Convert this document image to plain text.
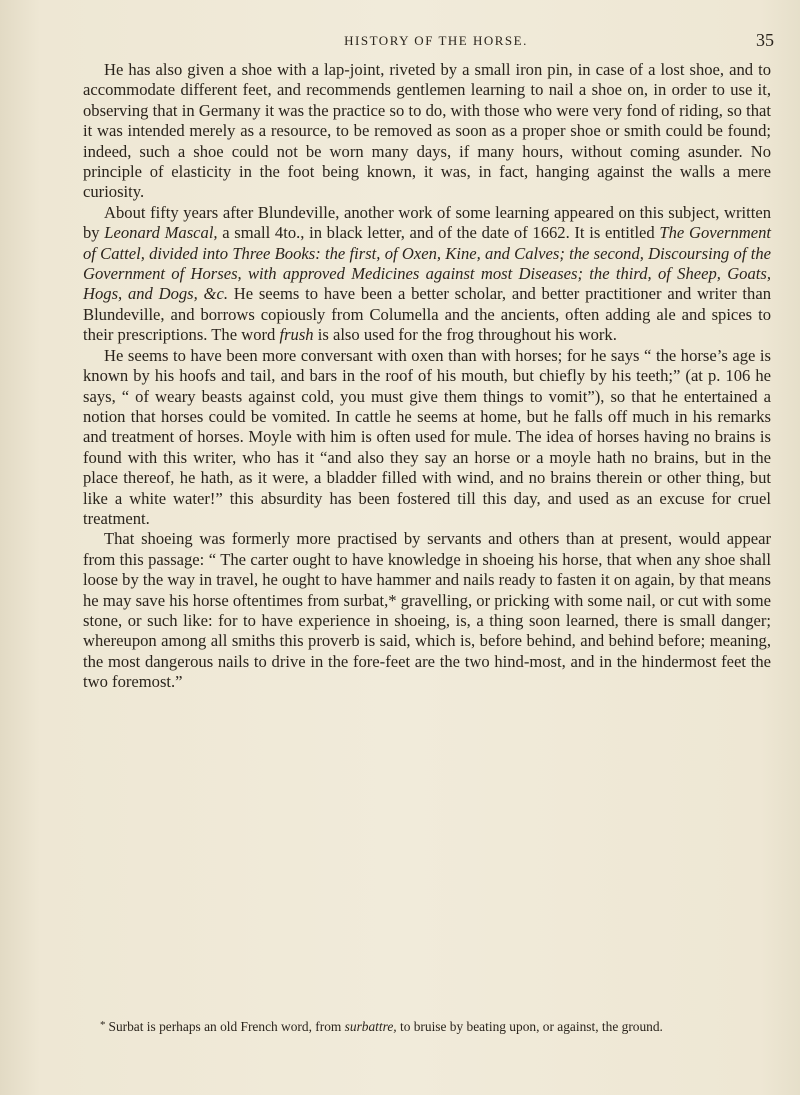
HISTORY OF THE HORSE.	35

He has also given a shoe with a lap-joint, riveted by a small iron pin, in case of a lost shoe, and to accommodate different feet, and recommends gentlemen learning to nail a shoe on, in order to use it, observing that in Germany it was the practice so to do, with those who were very fond of riding, so that it was intended merely as a resource, to be removed as soon as a proper shoe or smith could be found; indeed, such a shoe could not be worn many days, if many hours, without coming asunder. No principle of elasticity in the foot being known, it was, in fact, hanging against the walls a mere curiosity.

About fifty years after Blundeville, another work of some learning appeared on this subject, written by Leonard Mascal, a small 4to., in black letter, and of the date of 1662. It is entitled The Government of Cattel, divided into Three Books: the first, of Oxen, Kine, and Calves; the second, Discoursing of the Government of Horses, with approved Medicines against most Diseases; the third, of Sheep, Goats, Hogs, and Dogs, &c. He seems to have been a better scholar, and better practitioner and writer than Blundeville, and borrows copiously from Columella and the ancients, often adding ale and spices to their prescriptions. The word frush is also used for the frog throughout his work.

He seems to have been more conversant with oxen than with horses; for he says “ the horse’s age is known by his hoofs and tail, and bars in the roof of his mouth, but chiefly by his teeth;” (at p. 106 he says, “ of weary beasts against cold, you must give them things to vomit”), so that he entertained a notion that horses could be vomited. In cattle he seems at home, but he falls off much in his remarks and treatment of horses. Moyle with him is often used for mule. The idea of horses having no brains is found with this writer, who has it “and also they say an horse or a moyle hath no brains, but in the place thereof, he hath, as it were, a bladder filled with wind, and no brains therein or other thing, but like a white water!” this absurdity has been fostered till this day, and used as an excuse for cruel treatment.

That shoeing was formerly more practised by servants and others than at present, would appear from this passage: “ The carter ought to have knowledge in shoeing his horse, that when any shoe shall loose by the way in travel, he ought to have hammer and nails ready to fasten it on again, by that means he may save his horse oftentimes from surbat,* gravelling, or pricking with some nail, or cut with some stone, or such like: for to have experience in shoeing, is, a thing soon learned, there is small danger; whereupon among all smiths this proverb is said, which is, before behind, and behind before; meaning, the most dangerous nails to drive in the fore-feet are the two hind-most, and in the hindermost feet the two foremost.”

* Surbat is perhaps an old French word, from surbattre, to bruise by beating upon, or against, the ground.
